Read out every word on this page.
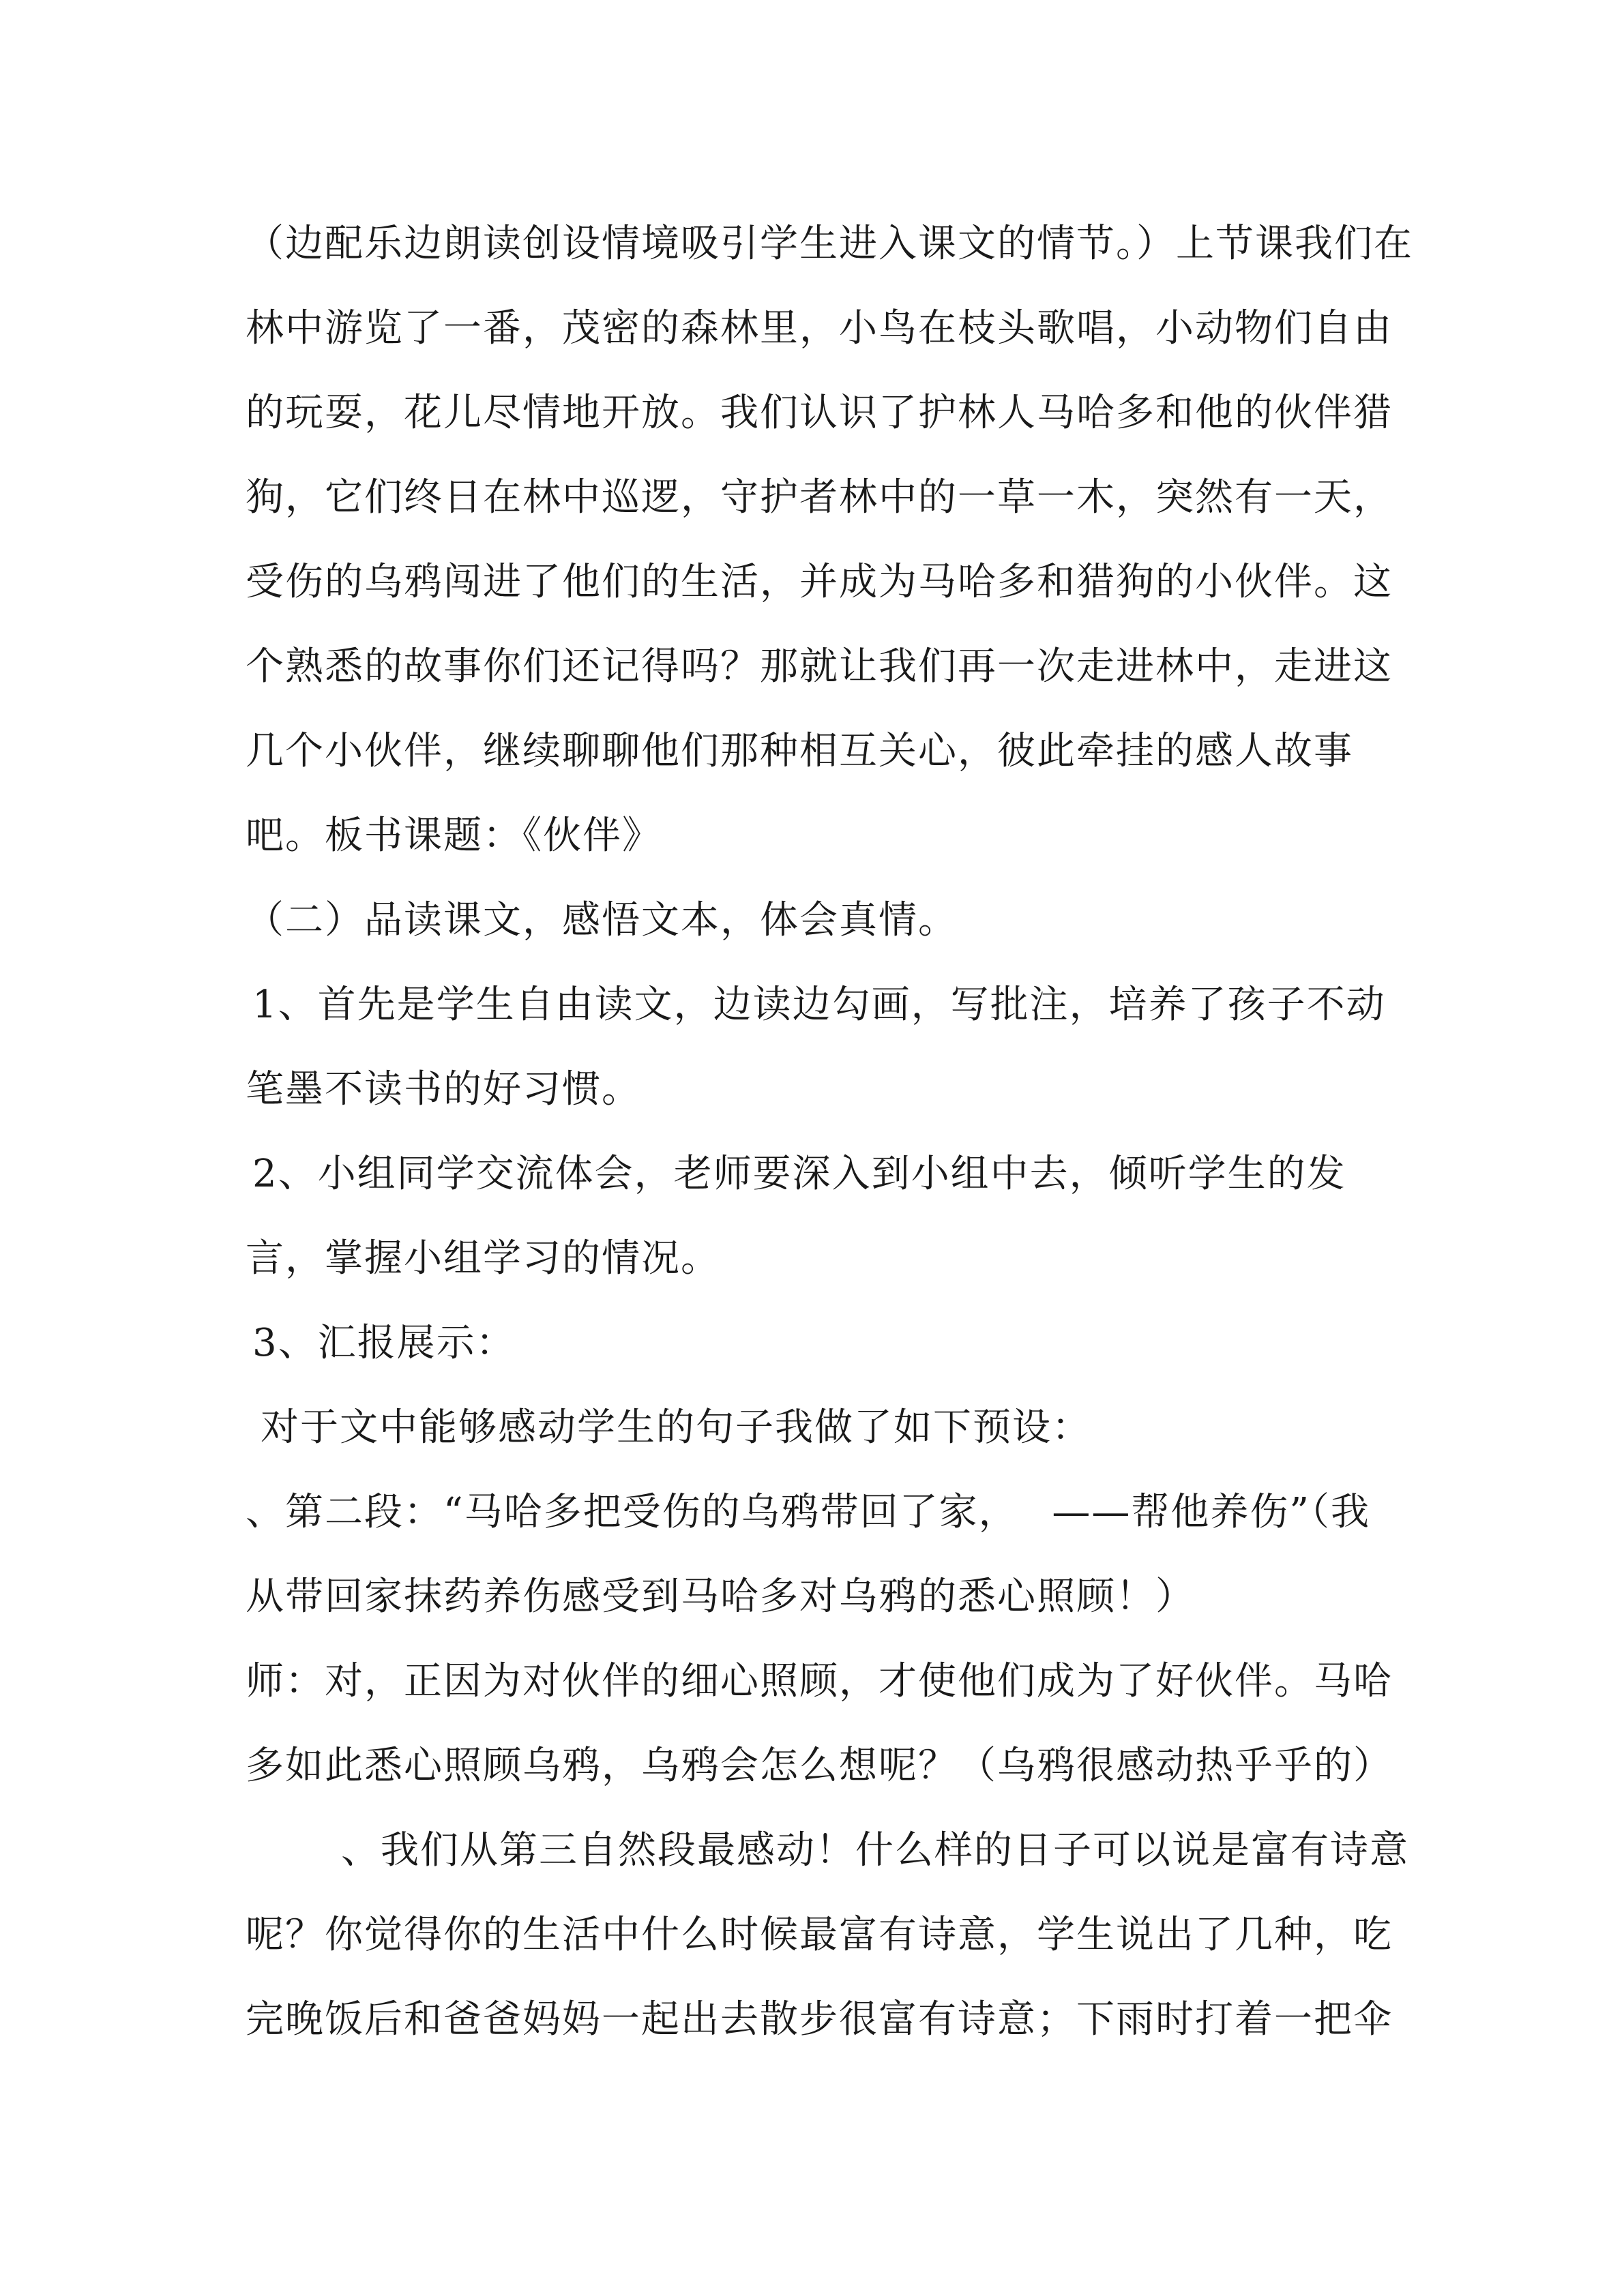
（边配乐边朗读创设情境吸引学生进入课文的情节。）上节课我们在
林中游览了一番，茂密的森林里，小鸟在枝头歌唱，小动物们自由
的玩耍，花儿尽情地开放。我们认识了护林人马哈多和他的伙伴猎
狗，它们终日在林中巡逻，守护者林中的一草一木，突然有一天，
受伤的乌鸦闯进了他们的生活，并成为马哈多和猎狗的小伙伴。这
个熟悉的故事你们还记得吗？那就让我们再一次走进林中，走进这
几个小伙伴，继续聊聊他们那种相互关心，彼此牵挂的感人故事
吧。板书课题：《伙伴》
（二）品读课文，感悟文本，体会真情。
1、首先是学生自由读文，边读边勾画，写批注，培养了孩子不动
笔墨不读书的好习惯。
2、小组同学交流体会，老师要深入到小组中去，倾听学生的发
言，掌握小组学习的情况。
3、汇报展示：
对于文中能够感动学生的句子我做了如下预设：
、第二段：“马哈多把受伤的乌鸦带回了家，　 ——帮他养伤”（我
从带回家抹药养伤感受到马哈多对乌鸦的悉心照顾！）
师：对，正因为对伙伴的细心照顾，才使他们成为了好伙伴。马哈
多如此悉心照顾乌鸦，乌鸦会怎么想呢？（乌鸦很感动热乎乎的）
、我们从第三自然段最感动！什么样的日子可以说是富有诗意
呢？你觉得你的生活中什么时候最富有诗意，学生说出了几种，吃
完晚饭后和爸爸妈妈一起出去散步很富有诗意；下雨时打着一把伞
